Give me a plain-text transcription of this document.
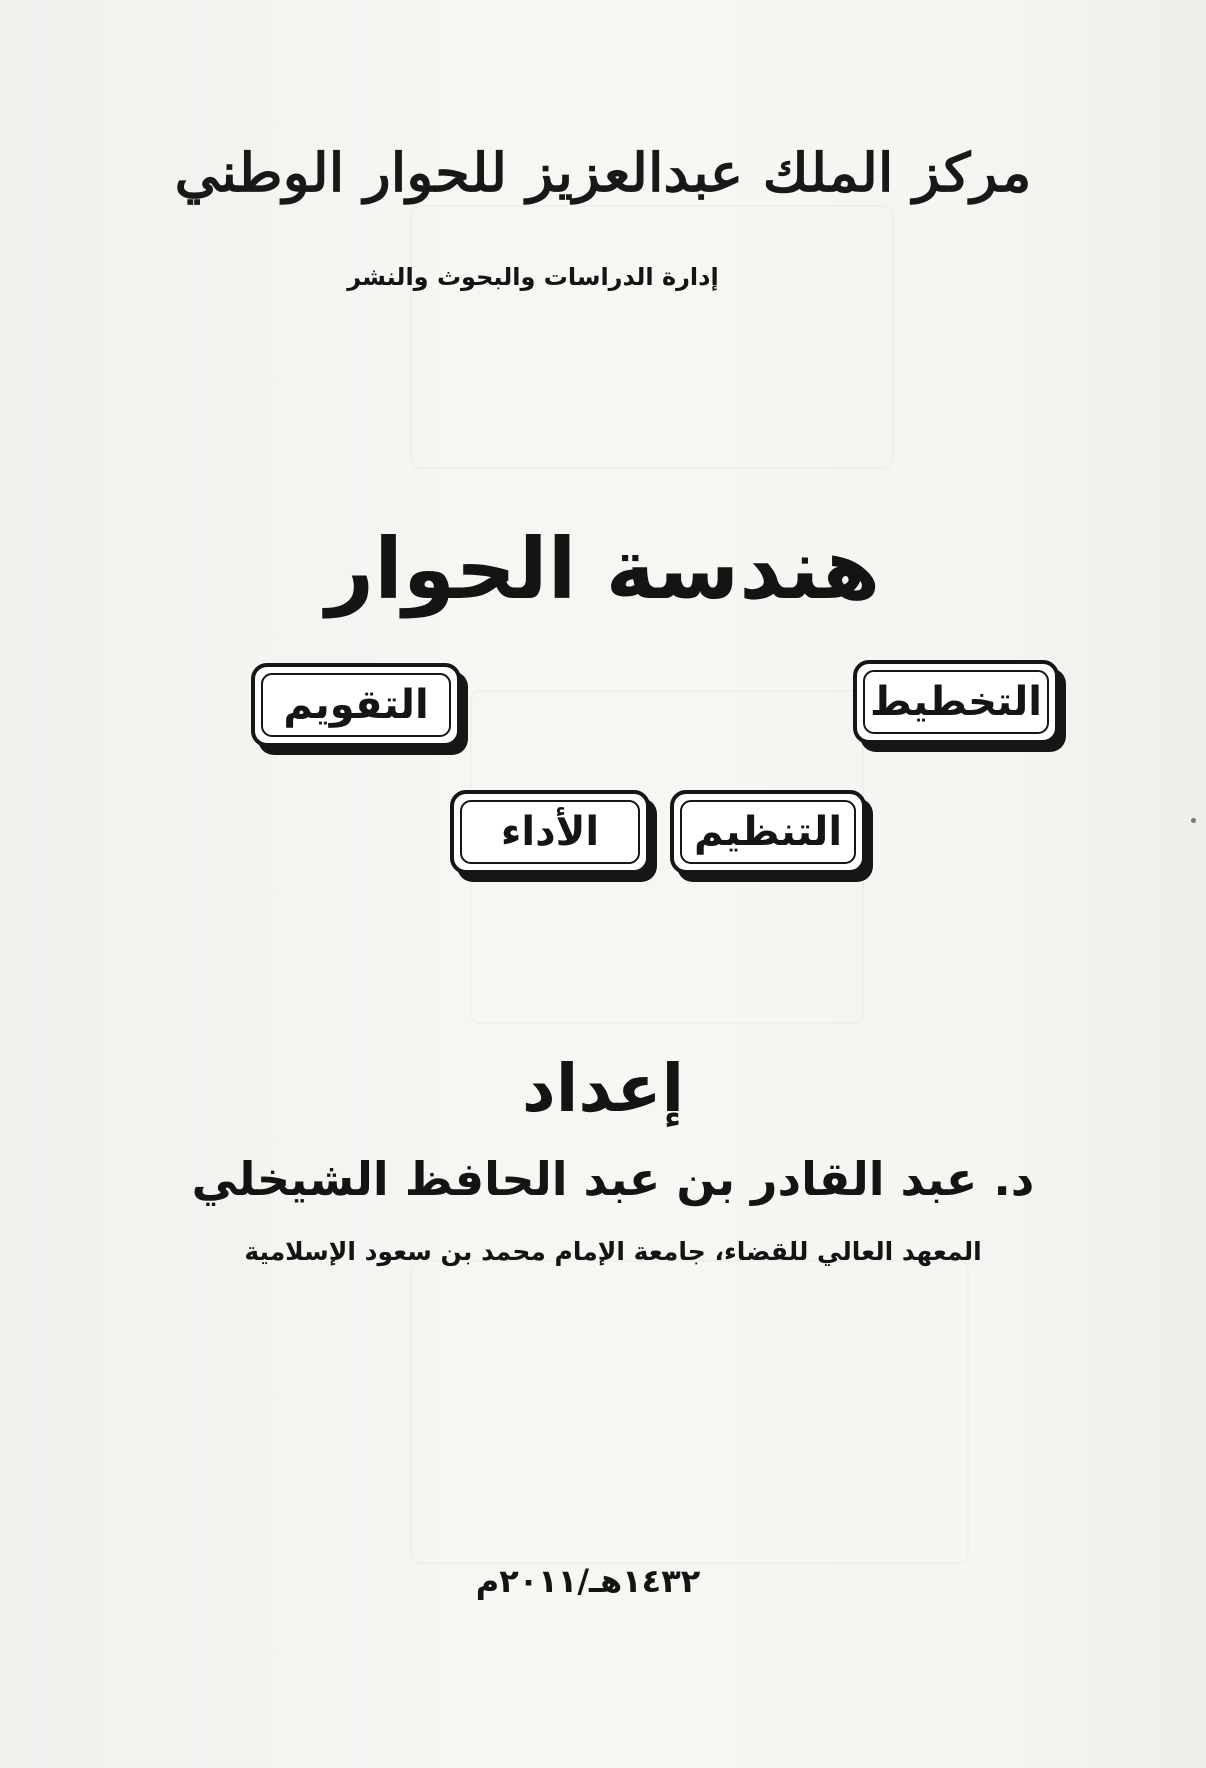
مركز الملك عبدالعزيز للحوار الوطني
إدارة الدراسات والبحوث والنشر
هندسة الحوار
التخطيط
التقويم
التنظيم
الأداء
إعداد
د. عبد القادر بن عبد الحافظ الشيخلي
المعهد العالي للقضاء، جامعة الإمام محمد بن سعود الإسلامية
١٤٣٢هـ/٢٠١١م
